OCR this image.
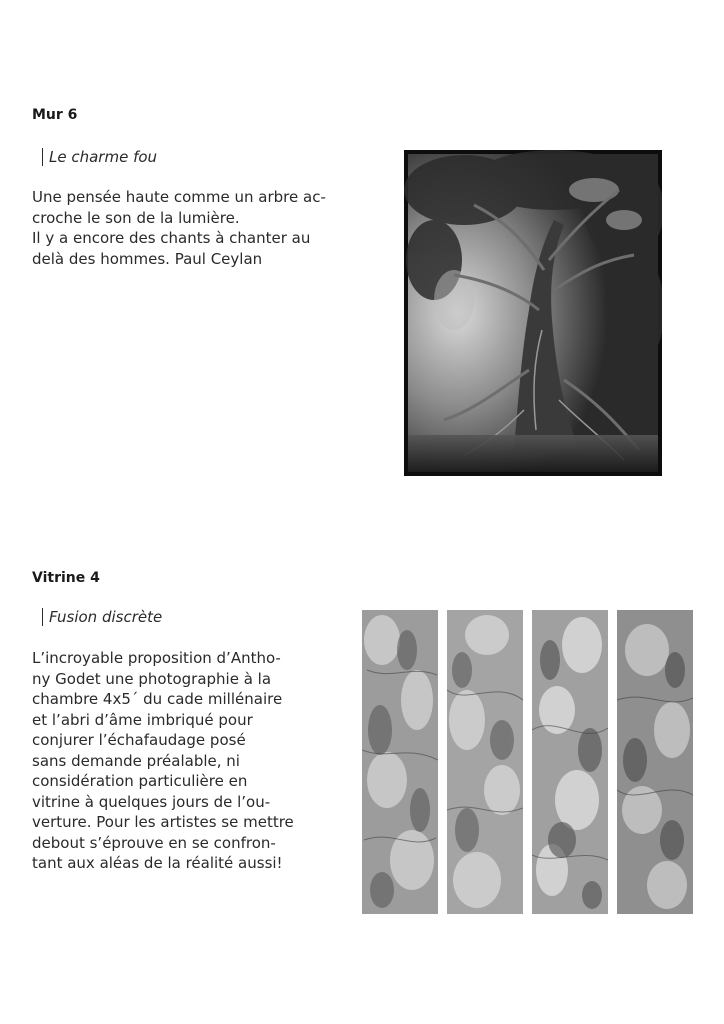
Mur 6
Le charme fou
Une pensée haute comme un arbre ac-
croche le son de la lumière.
Il y a encore des chants à chanter au
delà des hommes. Paul Ceylan
Vitrine 4
Fusion discrète
L’incroyable proposition d’Antho-
ny Godet une photographie à la
chambre 4x5´ du cade millénaire
et l’abri d’âme imbriqué pour
conjurer l’échafaudage posé
sans demande préalable, ni
considération particulière en
vitrine à quelques jours de l’ou-
verture. Pour les artistes se mettre
debout s’éprouve en se confron-
tant aux aléas de la réalité aussi!
